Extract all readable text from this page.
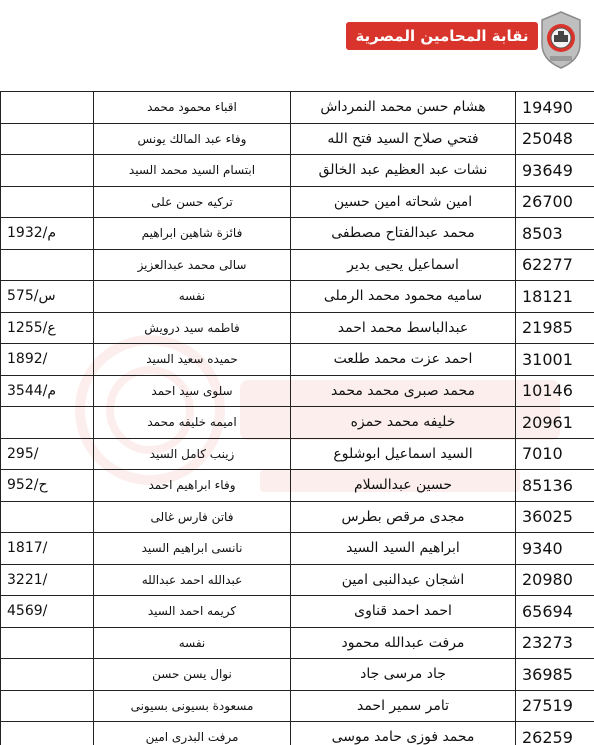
نقابة المحامين المصرية
19490	هشام حسن محمد النمرداش	اقباء محمود محمد	
25048	فتحي صلاح السيد فتح الله	وفاء عبد المالك يونس	
93649	نشات عبد العظيم عبد الخالق	ابتسام السيد محمد السيد	
26700	امين شحاته امين حسين	تركيه حسن على	
8503	محمد عبدالفتاح مصطفى	فائزة شاهين ابراهيم	1932/م
62277	اسماعيل يحيى بدير	سالى محمد عبدالعزيز	
18121	ساميه محمود محمد الرملى	نفسه	575/س
21985	عبدالباسط محمد احمد	فاطمه سيد درويش	1255/ع
31001	احمد عزت محمد طلعت	حميده سعيد السيد	1892/
10146	محمد صبرى محمد محمد	سلوى سيد احمد	3544/م
20961	خليفه محمد حمزه	اميمه خليفه محمد	
7010	السيد اسماعيل ابوشلوع	زينب كامل السيد	295/
85136	حسين عبدالسلام	وفاء ابراهيم احمد	952/ح
36025	مجدى مرقص بطرس	فاتن فارس غالى	
9340	ابراهيم السيد السيد	نانسى ابراهيم السيد	1817/
20980	اشجان عبدالنبى امين	عبدالله احمد عبدالله	3221/
65694	احمد احمد قناوى	كريمه احمد السيد	4569/
23273	مرفت عبدالله محمود	نفسه	
36985	جاد مرسى جاد	نوال يسن حسن	
27519	تامر سمير احمد	مسعودة بسيونى بسيونى	
26259	محمد فوزى حامد موسى	مرفت البدرى امين	
